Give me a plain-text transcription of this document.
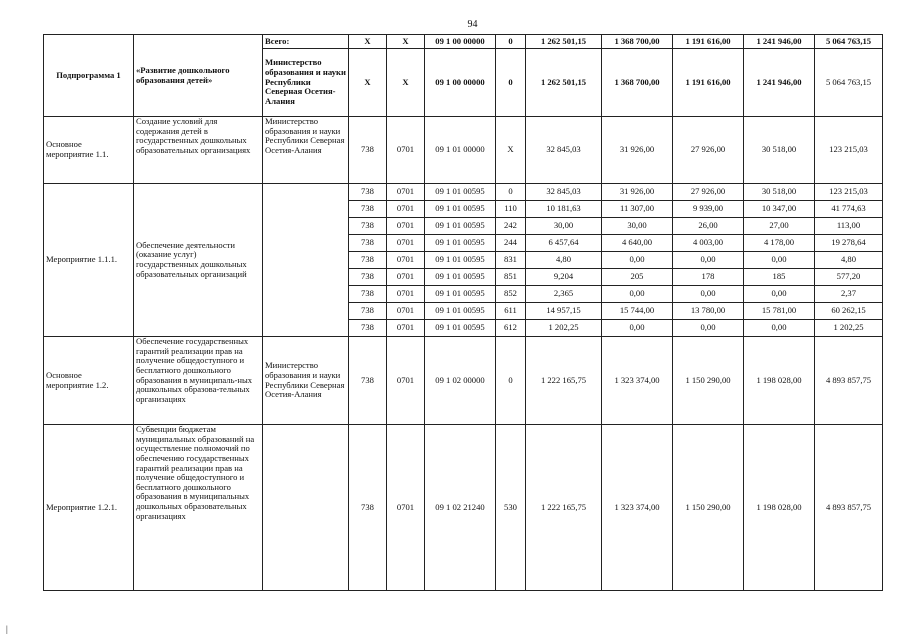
94
Подпрограмма 1	«Развитие дошкольного образования детей»	Всего:	X	X	09 1 00 00000	0	1 262 501,15	1 368 700,00	1 191 616,00	1 241 946,00	5 064 763,15
		Министерство образования и науки Республики Северная Осетия-Алания	X	X	09 1 00 00000	0	1 262 501,15	1 368 700,00	1 191 616,00	1 241 946,00	5 064 763,15
Основное мероприятие 1.1.	Создание условий для содержания детей в государственных дошкольных образовательных организациях	Министерство образования и науки Республики Северная Осетия-Алания	738	0701	09 1 01 00000	Х	32 845,03	31 926,00	27 926,00	30 518,00	123 215,03
Мероприятие 1.1.1.	Обеспечение деятельности (оказание услуг) государственных дошкольных образовательных организаций		738	0701	09 1 01 00595	0	32 845,03	31 926,00	27 926,00	30 518,00	123 215,03
			738	0701	09 1 01 00595	110	10 181,63	11 307,00	9 939,00	10 347,00	41 774,63
			738	0701	09 1 01 00595	242	30,00	30,00	26,00	27,00	113,00
			738	0701	09 1 01 00595	244	6 457,64	4 640,00	4 003,00	4 178,00	19 278,64
			738	0701	09 1 01 00595	831	4,80	0,00	0,00	0,00	4,80
			738	0701	09 1 01 00595	851	9,204	205	178	185	577,20
			738	0701	09 1 01 00595	852	2,365	0,00	0,00	0,00	2,37
			738	0701	09 1 01 00595	611	14 957,15	15 744,00	13 780,00	15 781,00	60 262,15
			738	0701	09 1 01 00595	612	1 202,25	0,00	0,00	0,00	1 202,25
Основное мероприятие 1.2.	Обеспечение государственных гарантий реализации прав на получение общедоступного и бесплатного дошкольного образования в муниципаль-ных дошкольных образова-тельных организациях	Министерство образования и науки Республики Северная Осетия-Алания	738	0701	09 1 02 00000	0	1 222 165,75	1 323 374,00	1 150 290,00	1 198 028,00	4 893 857,75
Мероприятие 1.2.1.	Субвенции бюджетам муниципальных образований на осуществление полномочий по обеспечению государственных гарантий реализации прав на получение общедоступного и бесплатного дошкольного образования в муниципальных дошкольных образовательных организациях		738	0701	09 1 02 21240	530	1 222 165,75	1 323 374,00	1 150 290,00	1 198 028,00	4 893 857,75
|
